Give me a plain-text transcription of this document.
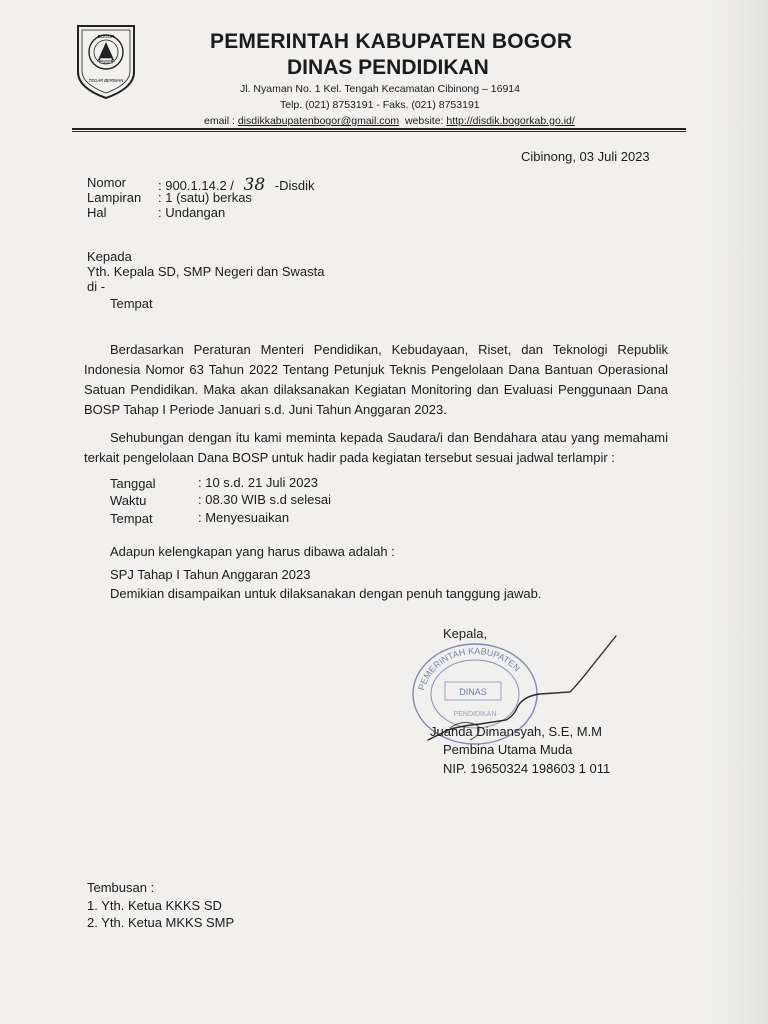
BOGOR
KABUPATEN
TEGAR BERIMAN
PEMERINTAH KABUPATEN BOGOR
DINAS PENDIDIKAN
Jl. Nyaman No. 1 Kel. Tengah Kecamatan Cibinong – 16914
Telp. (021) 8753191 - Faks. (021) 8753191
email : disdikkabupatenbogor@gmail.com website: http://disdik.bogorkab.go.id/
Cibinong, 03 Juli 2023
Nomor : 900.1.14.2 / 38 -Disdik
Lampiran : 1 (satu) berkas
Hal	: Undangan
Kepada
Yth. Kepala SD, SMP Negeri dan Swasta
di -
Tempat
Berdasarkan Peraturan Menteri Pendidikan, Kebudayaan, Riset, dan Teknologi Republik Indonesia Nomor 63 Tahun 2022 Tentang Petunjuk Teknis Pengelolaan Dana Bantuan Operasional Satuan Pendidikan. Maka akan dilaksanakan Kegiatan Monitoring dan Evaluasi Penggunaan Dana BOSP Tahap I Periode Januari s.d. Juni Tahun Anggaran 2023.
Sehubungan dengan itu kami meminta kepada Saudara/i dan Bendahara atau yang memahami terkait pengelolaan Dana BOSP untuk hadir pada kegiatan tersebut sesuai jadwal terlampir :
Tanggal	: 10 s.d. 21 Juli 2023
Waktu	: 08.30 WIB s.d selesai
Tempat	: Menyesuaikan
Adapun kelengkapan yang harus dibawa adalah :
SPJ Tahap I Tahun Anggaran 2023
Demikian disampaikan untuk dilaksanakan dengan penuh tanggung jawab.
PEMERINTAH KABUPATEN
DINAS
PENDIDIKAN
Kepala,
Juanda Dimansyah, S.E, M.M
Pembina Utama Muda
NIP. 19650324 198603 1 011
Tembusan :
1. Yth. Ketua KKKS SD
2. Yth. Ketua MKKS SMP
